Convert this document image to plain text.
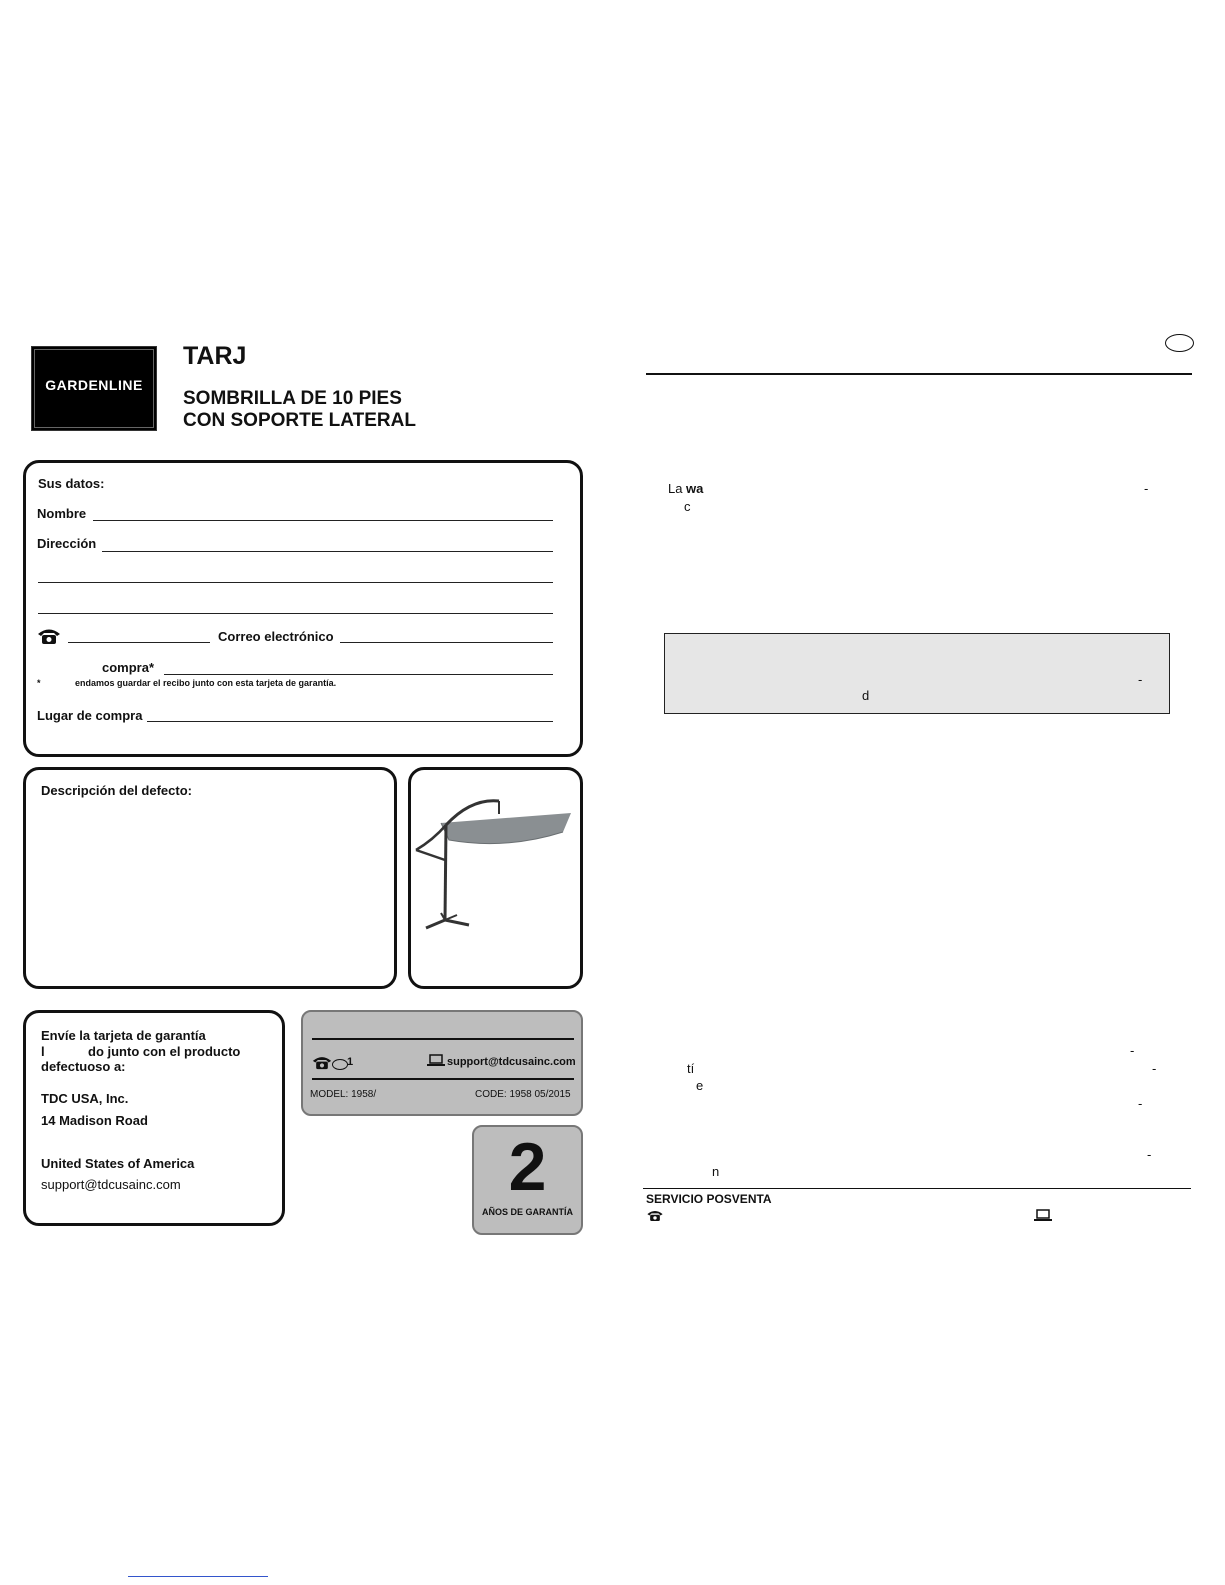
GARDENLINE
TARJ
SOMBRILLA DE 10 PIES
CON SOPORTE LATERAL
Sus datos:
Nombre
Dirección
Correo electrónico
compra*
*	endamos guardar el recibo junto con esta tarjeta de garantía.
Lugar de compra
Descripción del defecto:
Envíe la tarjeta de garantía
l	do junto con el producto
defectuoso a:
TDC USA, Inc.
14 Madison Road
United States of America
support@tdcusainc.com
1	support@tdcusainc.com
MODEL: 1958/	CODE: 1958 05/2015
2
AÑOS DE GARANTÍA
La wa	-
c
-
d
-
tí	-
e
-
-
n
SERVICIO POSVENTA
